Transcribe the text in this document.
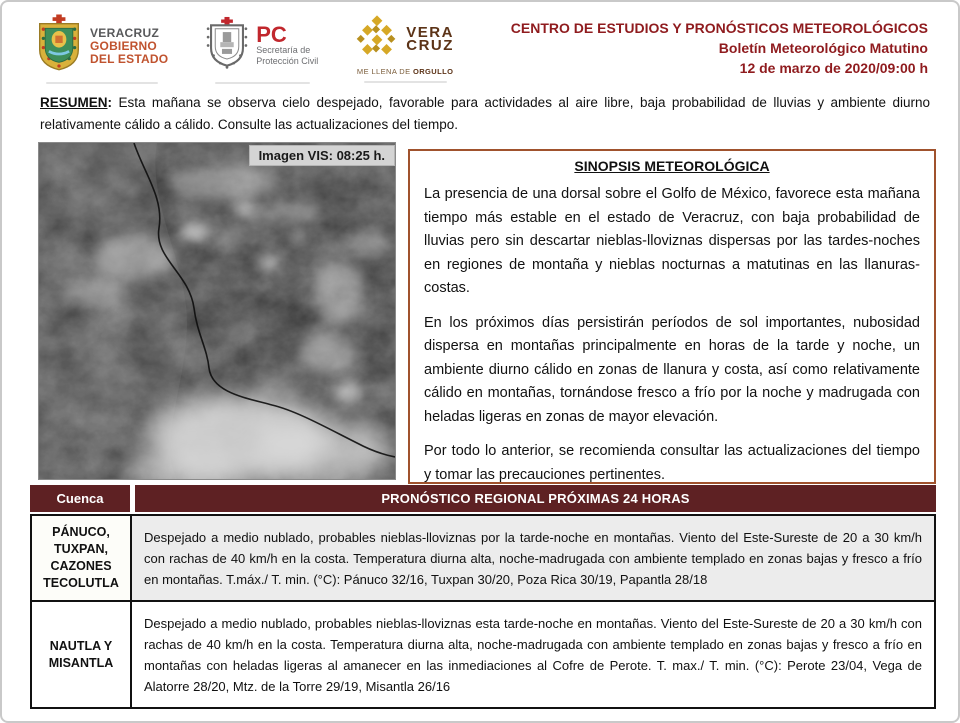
VERACRUZ
GOBIERNO
DEL ESTADO
PC
Secretaría de
Protección Civil
VERA
CRUZ
ME LLENA DE ORGULLO
CENTRO DE ESTUDIOS Y PRONÓSTICOS METEOROLÓGICOS
Boletín Meteorológico Matutino
12 de marzo de 2020/09:00 h
RESUMEN: Esta mañana se observa cielo despejado, favorable para actividades al aire libre, baja probabilidad de lluvias y ambiente diurno relativamente cálido a cálido. Consulte las actualizaciones del tiempo.
Imagen VIS: 08:25 h.
SINOPSIS METEOROLÓGICA

La presencia de una dorsal sobre el Golfo de México, favorece esta mañana tiempo más estable en el estado de Veracruz, con baja probabilidad de lluvias pero sin descartar nieblas-lloviznas dispersas por las tardes-noches en regiones de montaña y nieblas nocturnas a matutinas en las llanuras-costas.

En los próximos días persistirán períodos de sol importantes, nubosidad dispersa en montañas principalmente en horas de la tarde y noche, un ambiente diurno cálido en zonas de llanura y costa, así como relativamente cálido en montañas, tornándose fresco a frío por la noche y madrugada con heladas ligeras en zonas de mayor elevación.

Por todo lo anterior, se recomienda consultar las actualizaciones del tiempo y tomar las precauciones pertinentes.

Cuenca	PRONÓSTICO REGIONAL PRÓXIMAS 24 HORAS
PÁNUCO, TUXPAN, CAZONES TECOLUTLA
Despejado a medio nublado, probables nieblas-lloviznas por la tarde-noche en montañas. Viento del Este-Sureste de 20 a 30 km/h con rachas de 40 km/h en la costa. Temperatura diurna alta, noche-madrugada con ambiente templado en zonas bajas y fresco a frío en montañas. T.máx./ T. min. (°C): Pánuco 32/16, Tuxpan 30/20, Poza Rica 30/19, Papantla 28/18
NAUTLA Y MISANTLA
Despejado a medio nublado, probables nieblas-lloviznas esta tarde-noche en montañas. Viento del Este-Sureste de 20 a 30 km/h con rachas de 40 km/h en la costa. Temperatura diurna alta, noche-madrugada con ambiente templado en zonas bajas y fresco a frío en montañas con heladas ligeras al amanecer en las inmediaciones al Cofre de Perote. T. max./ T. min. (°C): Perote 23/04, Vega de Alatorre 28/20, Mtz. de la Torre 29/19, Misantla 26/16
